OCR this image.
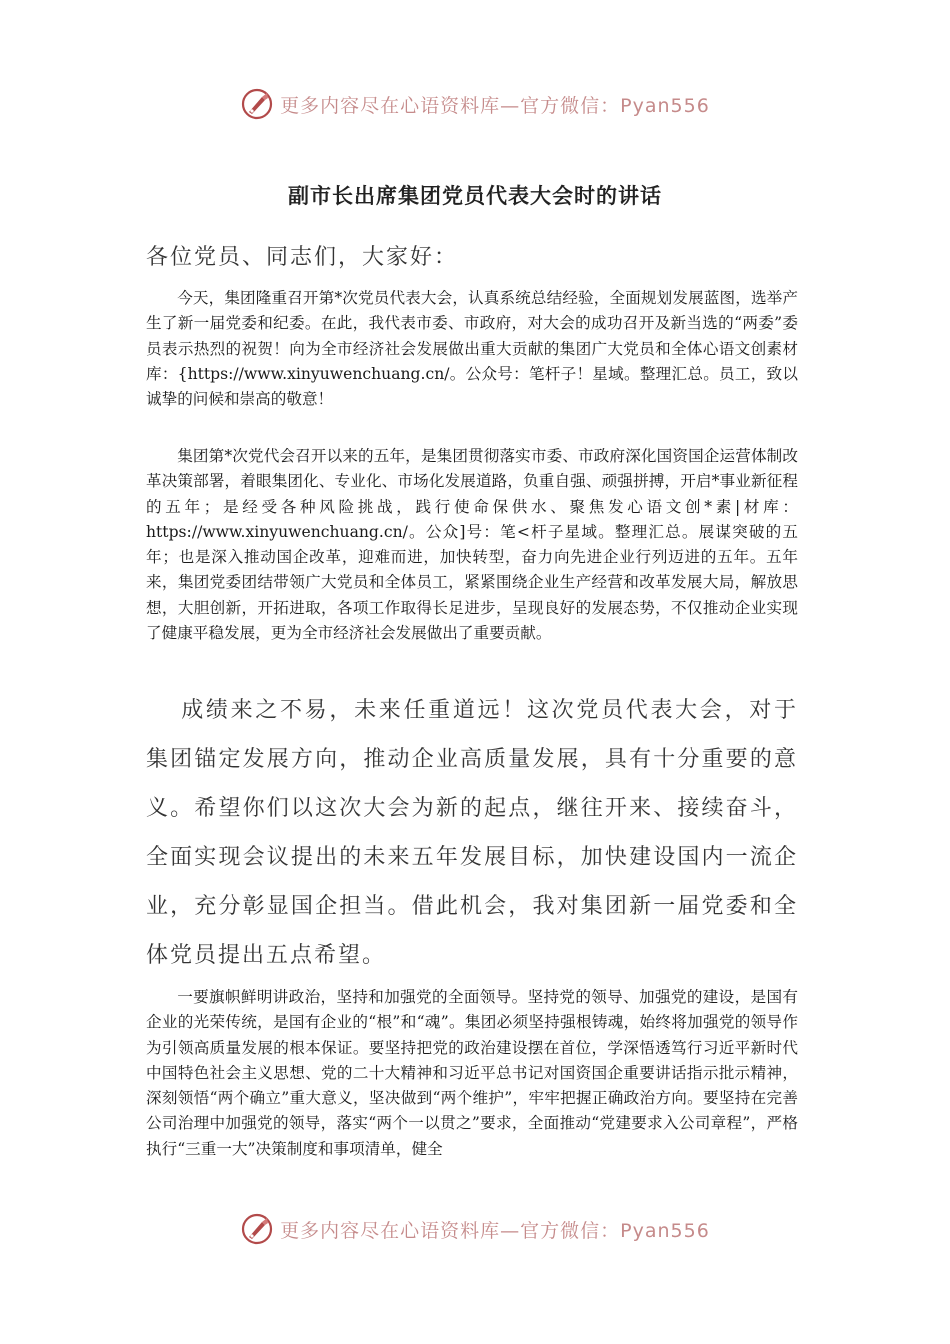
更多内容尽在心语资料库—官方微信：Pyan556
副市长出席集团党员代表大会时的讲话
各位党员、同志们，大家好：

今天，集团隆重召开第*次党员代表大会，认真系统总结经验，全面规划发展蓝图，选举产生了新一届党委和纪委。在此，我代表市委、市政府，对大会的成功召开及新当选的“两委”委员表示热烈的祝贺！向为全市经济社会发展做出重大贡献的集团广大党员和全体心语文创素材库：{https://www.xinyuwenchuang.cn/。公众号：笔杆子！星域。整理汇总。员工，致以诚挚的问候和崇高的敬意！

集团第*次党代会召开以来的五年，是集团贯彻落实市委、市政府深化国资国企运营体制改革决策部署，着眼集团化、专业化、市场化发展道路，负重自强、顽强拼搏，开启*事业新征程的五年；是经受各种风险挑战，践行使命保供水、聚焦发心语文创*素|材库：https://www.xinyuwenchuang.cn/。公众]号：笔<杆子星域。整理汇总。展谋突破的五年；也是深入推动国企改革，迎难而进，加快转型，奋力向先进企业行列迈进的五年。五年来，集团党委团结带领广大党员和全体员工，紧紧围绕企业生产经营和改革发展大局，解放思想，大胆创新，开拓进取，各项工作取得长足进步，呈现良好的发展态势，不仅推动企业实现了健康平稳发展，更为全市经济社会发展做出了重要贡献。

成绩来之不易，未来任重道远！这次党员代表大会，对于集团锚定发展方向，推动企业高质量发展，具有十分重要的意义。希望你们以这次大会为新的起点，继往开来、接续奋斗，全面实现会议提出的未来五年发展目标，加快建设国内一流企业，充分彰显国企担当。借此机会，我对集团新一届党委和全体党员提出五点希望。

一要旗帜鲜明讲政治，坚持和加强党的全面领导。坚持党的领导、加强党的建设，是国有企业的光荣传统，是国有企业的“根”和“魂”。集团必须坚持强根铸魂，始终将加强党的领导作为引领高质量发展的根本保证。要坚持把党的政治建设摆在首位，学深悟透笃行习近平新时代中国特色社会主义思想、党的二十大精神和习近平总书记对国资国企重要讲话指示批示精神，深刻领悟“两个确立”重大意义，坚决做到“两个维护”，牢牢把握正确政治方向。要坚持在完善公司治理中加强党的领导，落实“两个一以贯之”要求，全面推动“党建要求入公司章程”，严格执行“三重一大”决策制度和事项清单，健全

更多内容尽在心语资料库—官方微信：Pyan556
